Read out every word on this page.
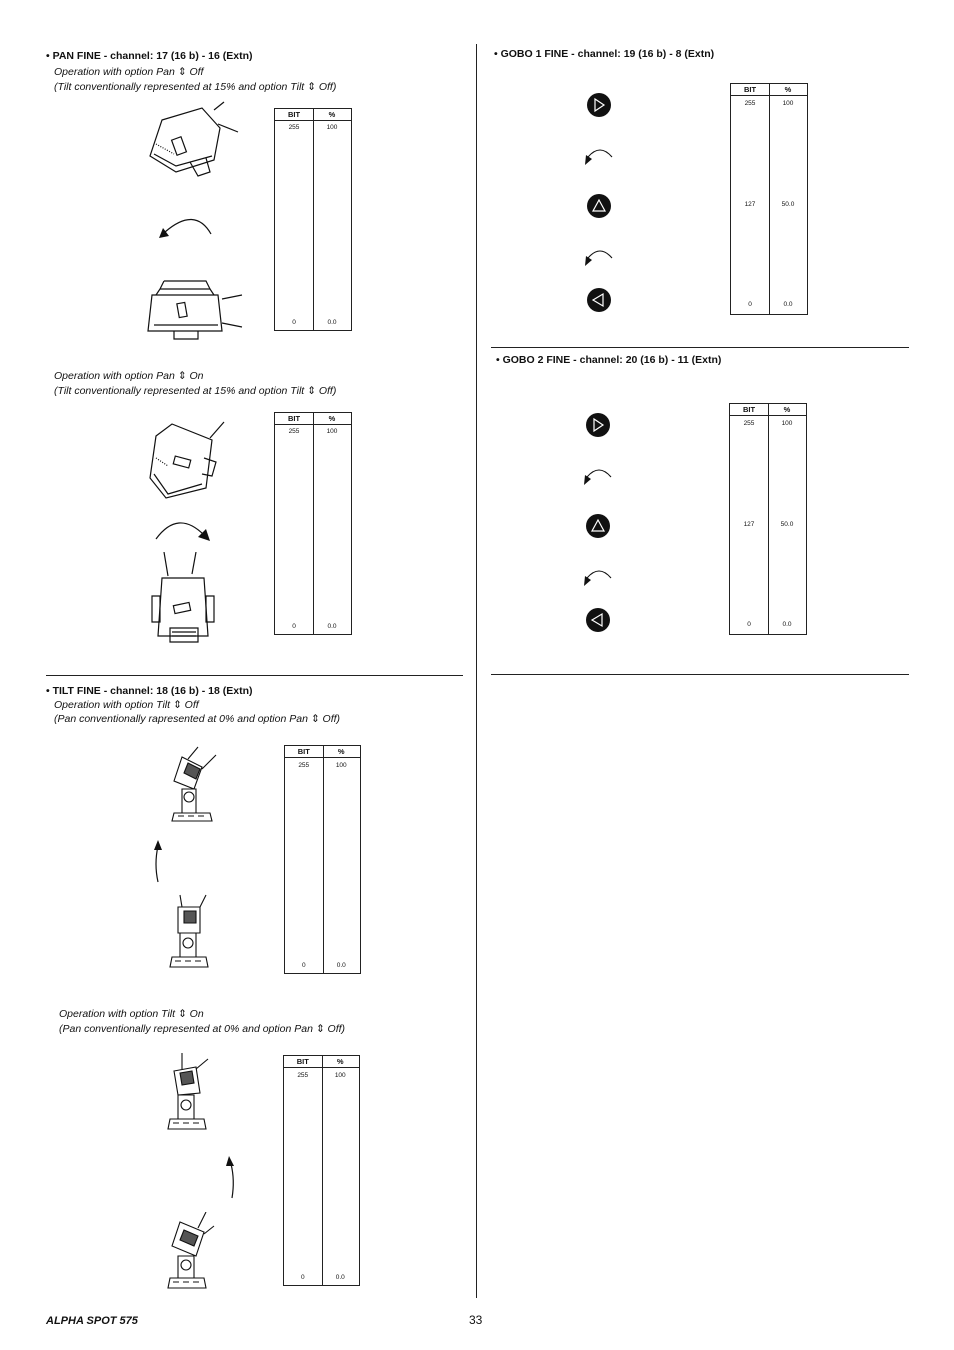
• PAN FINE - channel: 17 (16 b) - 16 (Extn)
Operation with option Pan ⇕ Off
(Tilt conventionally represented at 15% and option Tilt ⇕ Off)
BIT	%
255	100
0	0.0
Operation with option Pan ⇕ On
(Tilt conventionally represented at 15% and option Tilt ⇕ Off)
BIT	%
255	100
0	0.0
• TILT FINE - channel: 18 (16 b) - 18 (Extn)
Operation with option Tilt ⇕ Off
(Pan conventionally rapresented at 0% and option Pan ⇕ Off)
BIT	%
255	100
0	0.0
Operation with option Tilt ⇕ On
(Pan conventionally represented at 0% and option Pan ⇕ Off)
BIT	%
255	100
0	0.0
• GOBO 1 FINE - channel: 19 (16 b) - 8 (Extn)
BIT	%
255	100
127	50.0
0	0.0
• GOBO 2 FINE - channel: 20 (16 b) - 11 (Extn)
BIT	%
255	100
127	50.0
0	0.0
ALPHA SPOT 575	33
